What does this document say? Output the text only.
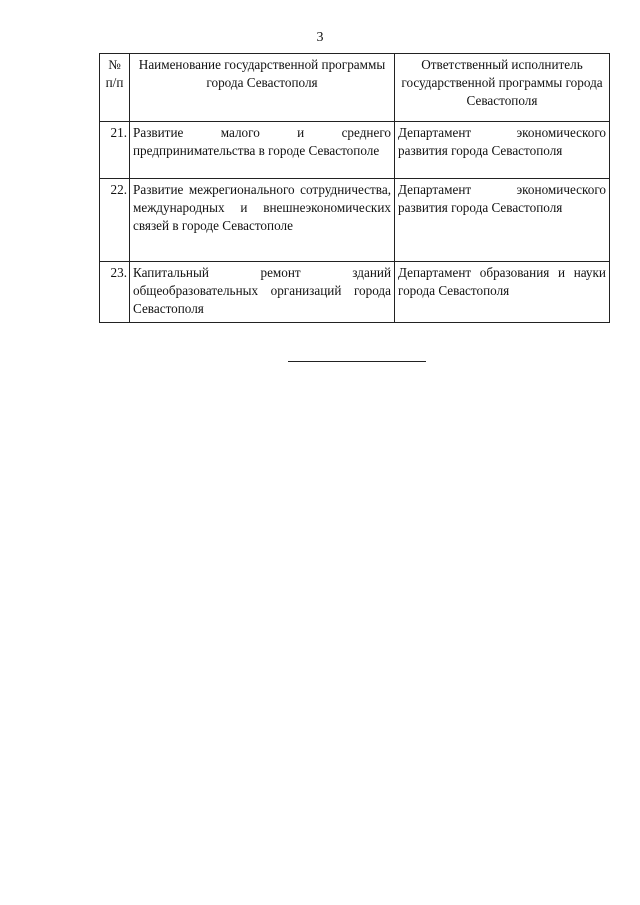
3
№ п/п	Наименование государственной программы города Севастополя	Ответственный исполнитель государственной программы города Севастополя
21.	Развитие малого и среднего предпринимательства в городе Севастополе	Департамент экономического развития города Севастополя
22.	Развитие межрегионального сотрудничества, международных и внешнеэкономических связей в городе Севастополе	Департамент экономического развития города Севастополя
23.	Капитальный ремонт зданий общеобразовательных организаций города Севастополя	Департамент образования и науки города Севастополя
